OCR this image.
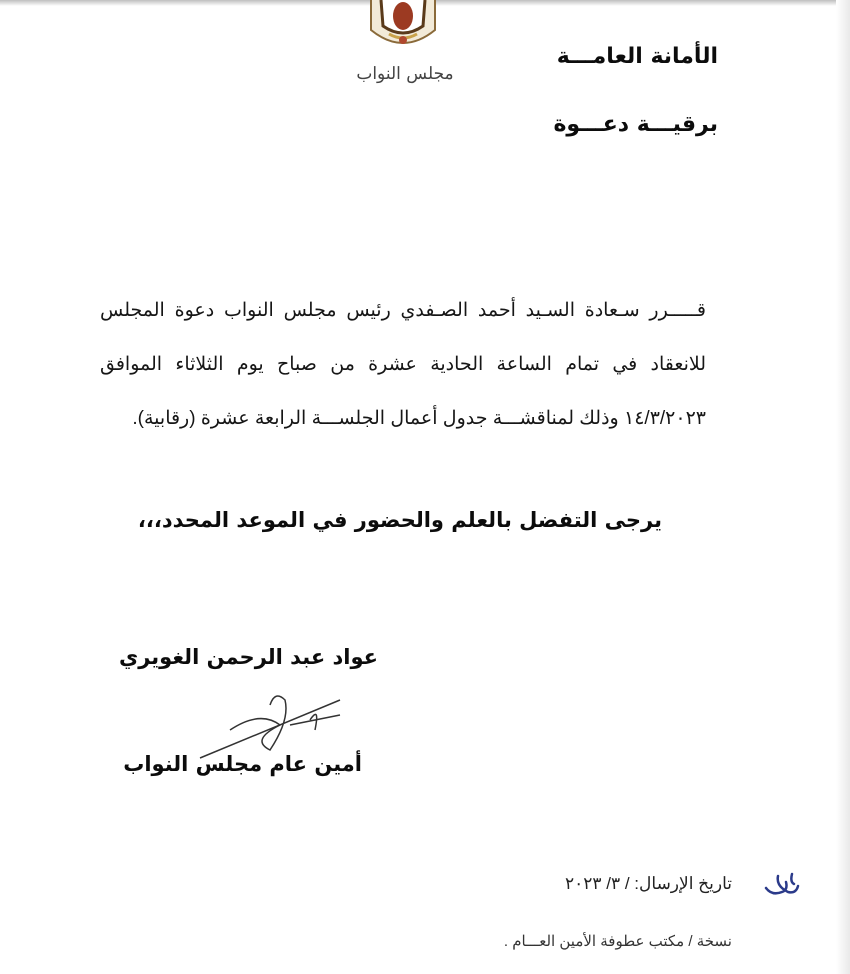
مجلس النواب
الأمانة العامـــة
برقيـــة دعـــوة

قـــــرر سـعادة السـيد أحمد الصـفدي رئيس مجلس النواب دعوة المجلس للانعقاد في تمام الساعة الحادية عشرة من صباح يوم الثلاثاء الموافق ١٤/٣/٢٠٢٣ وذلك لمناقشـــة جدول أعمال الجلســـة الرابعة عشرة (رقابية).

يرجى التفضل بالعلم والحضور في الموعد المحدد،،،
عواد عبد الرحمن الغويري
أمين عام مجلس النواب
تاريخ الإرسال: / ٣/ ٢٠٢٣
نسخة / مكتب عطوفة الأمين العـــام .
